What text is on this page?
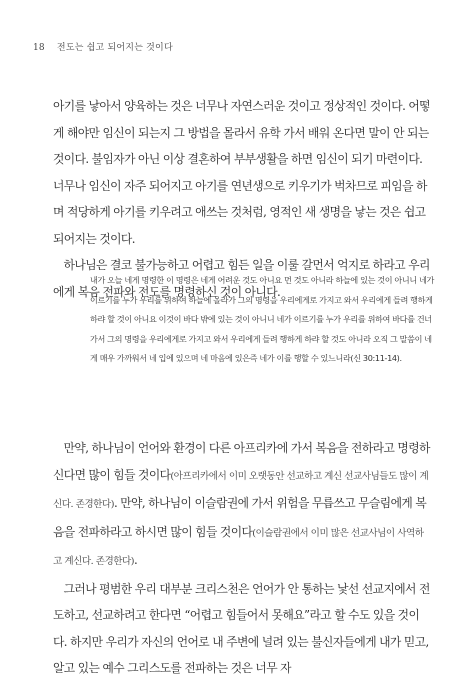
18 전도는 쉽고 되어지는 것이다

아기를 낳아서 양육하는 것은 너무나 자연스러운 것이고 정상적인 것이다. 어떻게 해야만 임신이 되는지 그 방법을 몰라서 유학 가서 배워 온다면 말이 안 되는 것이다. 불임자가 아닌 이상 결혼하여 부부생활을 하면 임신이 되기 마련이다. 너무나 임신이 자주 되어지고 아기를 연년생으로 키우기가 벅차므로 피임을 하며 적당하게 아기를 키우려고 애쓰는 것처럼, 영적인 새 생명을 낳는 것은 쉽고 되어지는 것이다.

하나님은 결코 불가능하고 어렵고 힘든 일을 이룰 갈먼서 억지로 하라고 우리에게 복음 전파와 전도를 명령하신 것이 아니다.

내가 오늘 네게 명령한 이 명령은 네게 어려운 것도 아니요 먼 것도 아니라 하늘에 있는 것이 아니니 네가 이르기를 누가 우리를 위하여 하늘에 올라가 그의 명령을 우리에게로 가지고 와서 우리에게 들려 행하게 하랴 할 것이 아니요 이것이 바다 밖에 있는 것이 아니니 네가 이르기를 누가 우리를 위하여 바다를 건너가서 그의 명령을 우리에게로 가지고 와서 우리에게 들려 행하게 하랴 할 것도 아니라 오직 그 말씀이 네게 매우 가까워서 네 입에 있으며 네 마음에 있은즉 네가 이를 행할 수 있느니라(신 30:11-14).

만약, 하나님이 언어와 환경이 다른 아프리카에 가서 복음을 전하라고 명령하신다면 많이 힘들 것이다(아프리카에서 이미 오랫동안 선교하고 계신 선교사님들도 많이 계신다. 존경한다). 만약, 하나님이 이슬람권에 가서 위험을 무릅쓰고 무슬림에게 복음을 전파하라고 하시면 많이 힘들 것이다(이슬람권에서 이미 많은 선교사님이 사역하고 계신다. 존경한다).

그러나 평범한 우리 대부분 크리스천은 언어가 안 통하는 낯선 선교지에서 전도하고, 선교하려고 한다면 “어렵고 힘들어서 못해요”라고 할 수도 있을 것이다. 하지만 우리가 자신의 언어로 내 주변에 널려 있는 불신자들에게 내가 믿고, 알고 있는 예수 그리스도를 전파하는 것은 너무 자
